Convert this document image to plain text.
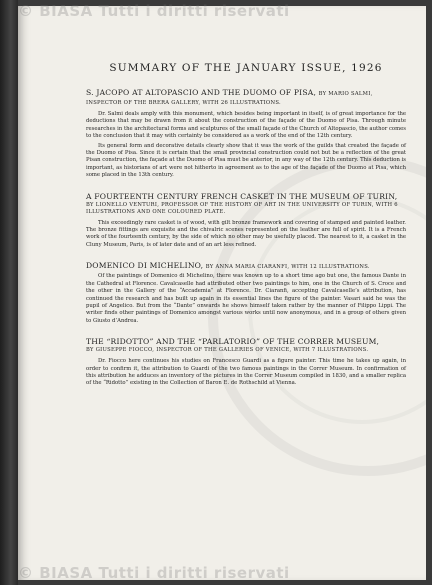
SUMMARY OF THE JANUARY ISSUE, 1926

S. JACOPO AT ALTOPASCIO AND THE DUOMO OF PISA, BY MARIO SALMI,

INSPECTOR OF THE BRERA GALLERY, WITH 26 ILLUSTRATIONS.

Dr. Salmi deals amply with this monument, which besides being important in itself, is of great importance for the deductions that may be drawn from it about the construction of the façade of the Duomo of Pisa. Through minute researches in the architectural forms and sculptures of the small façade of the Church of Altopascio, the author comes to the conclusion that it may with certainty be considered as a work of the end of the 12th century.

Its general form and decorative details clearly show that it was the work of the guilds that created the façade of the Duomo of Pisa. Since it is certain that the small provincial construction could not but be a reflection of the great Pisan construction, the façade at the Duomo of Pisa must be anterior, in any way of the 12th century. This deduction is important, as historians of art were not hitherto in agreement as to the age of the façade of the Duomo at Pisa, which some placed in the 13th century.

A FOURTEENTH CENTURY FRENCH CASKET IN THE MUSEUM OF TURIN,

BY LIONELLO VENTURI, PROFESSOR OF THE HISTORY OF ART IN THE UNIVERSITY OF TURIN, WITH 6 ILLUSTRATIONS AND ONE COLOURED PLATE.

This exceedingly rare casket is of wood, with gilt bronze framework and covering of stamped and painted leather. The bronze fittings are exquisite and the chivalric scenes represented on the leather are full of spirit. It is a French work of the fourteenth century, by the side of which no other may be usefully placed. The nearest to it, a casket in the Cluny Museum, Paris, is of later date and of an art less refined.

DOMENICO DI MICHELINO, BY ANNA MARIA CIARANFI, WITH 12 ILLUSTRATIONS.

Of the paintings of Domenico di Michelino, there was known up to a short time ago but one, the famous Dante in the Cathedral at Florence. Cavalcaselle had attributed other two paintings to him, one in the Church of S. Croce and the other in the Gallery of the “Accademia” at Florence. Dr. Ciaranfi, accepting Cavalcaselle’s attribution, has continued the research and has built up again in its essential lines the figure of the painter. Vasari said he was the pupil of Angelico. But from the “Dante” onwards he shows himself taken rather by the manner of Filippo Lippi. The writer finds other paintings of Domenico amongst various works until now anonymous, and in a group of others given to Giusto d’Andrea.

THE “RIDOTTO” AND THE “PARLATORIO” OF THE CORRER MUSEUM,

BY GIUSEPPE FIOCCO, INSPECTOR OF THE GALLERIES OF VENICE, WITH 7 ILLUSTRATIONS.

Dr. Fiocco here continues his studies on Francesco Guardi as a figure painter. This time he takes up again, in order to confirm it, the attribution to Guardi of the two famous paintings in the Correr Museum. In confirmation of this attribution he adduces an inventory of the pictures in the Correr Museum compiled in 1830, and a smaller replica of the “Ridotto” existing in the Collection of Baron E. de Rothschild at Vienna.

© BIASA Tutti i diritti riservati
© BIASA Tutti i diritti riservati
